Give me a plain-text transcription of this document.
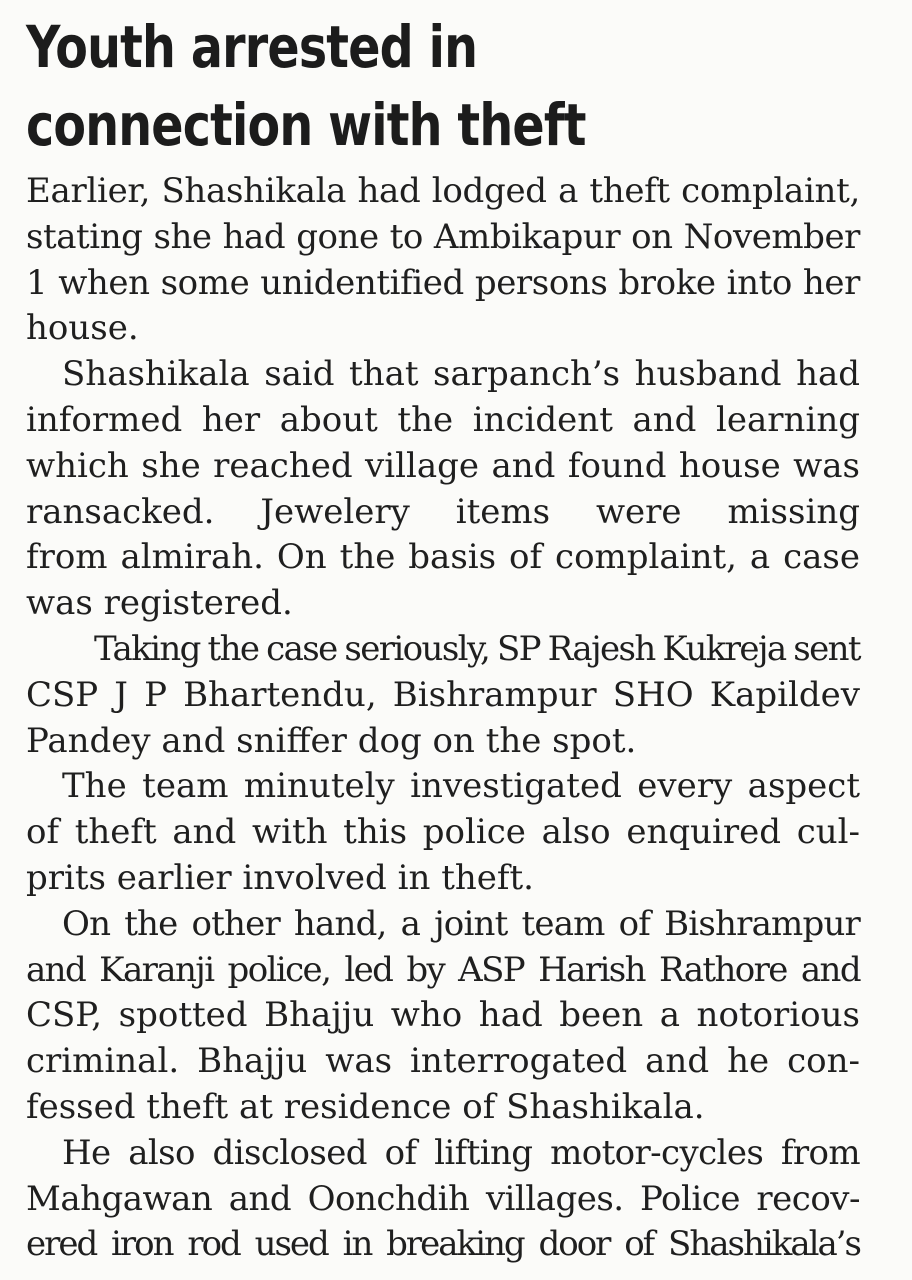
Youth arrested in
connection with theft

Earlier, Shashikala had lodged a theft complaint,
stating she had gone to Ambikapur on November
1 when some unidentified persons broke into her
house.

Shashikala said that sarpanch’s husband had
informed her about the incident and learning
which she reached village and found house was
ransacked. Jewelery items were missing
from almirah. On the basis of complaint, a case
was registered.

Taking the case seriously, SP Rajesh Kukreja sent
CSP J P Bhartendu, Bishrampur SHO Kapildev
Pandey and sniffer dog on the spot.

The team minutely investigated every aspect
of theft and with this police also enquired cul-
prits earlier involved in theft.

On the other hand, a joint team of Bishrampur
and Karanji police, led by ASP Harish Rathore and
CSP, spotted Bhajju who had been a notorious
criminal. Bhajju was interrogated and he con-
fessed theft at residence of Shashikala.

He also disclosed of lifting motor-cycles from
Mahgawan and Oonchdih villages. Police recov-
ered iron rod used in breaking door of Shashikala’s
